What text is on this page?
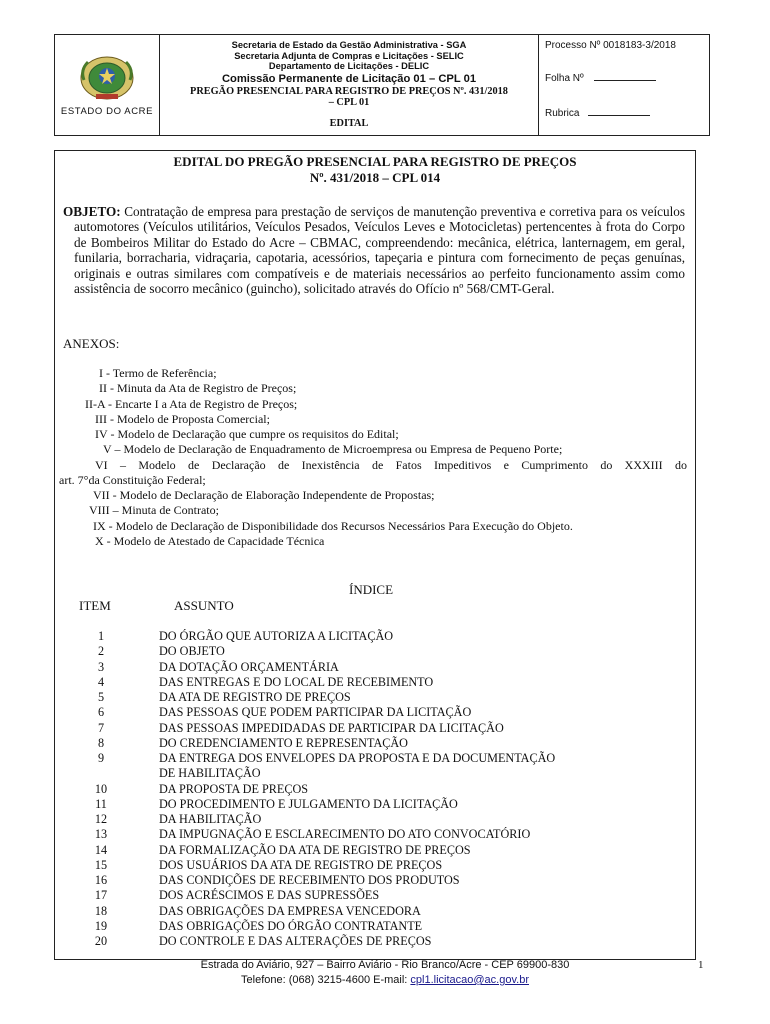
ESTADO DO ACRE
Secretaria de Estado da Gestão Administrativa - SGA
Secretaria Adjunta de Compras e Licitações - SELIC
Departamento de Licitações - DELIC
Comissão Permanente de Licitação 01 – CPL 01
PREGÃO PRESENCIAL PARA REGISTRO DE PREÇOS Nº. 431/2018
– CPL 01
EDITAL
Processo Nº 0018183-3/2018
Folha Nº
Rubrica
EDITAL DO PREGÃO PRESENCIAL PARA REGISTRO DE PREÇOS
Nº. 431/2018 – CPL 014
OBJETO: Contratação de empresa para prestação de serviços de manutenção preventiva e corretiva para os veículos automotores (Veículos utilitários, Veículos Pesados, Veículos Leves e Motocicletas) pertencentes à frota do Corpo de Bombeiros Militar do Estado do Acre – CBMAC, compreendendo: mecânica, elétrica, lanternagem, em geral, funilaria, borracharia, vidraçaria, capotaria, acessórios, tapeçaria e pintura com fornecimento de peças genuínas, originais e outras similares com compatíveis e de materiais necessários ao perfeito funcionamento assim como assistência de socorro mecânico (guincho), solicitado através do Ofício nº 568/CMT-Geral.
ANEXOS:
I - Termo de Referência;
II - Minuta da Ata de Registro de Preços;
II-A - Encarte I a Ata de Registro de Preços;
III - Modelo de Proposta Comercial;
IV - Modelo de Declaração que cumpre os requisitos do Edital;
V – Modelo de Declaração de Enquadramento de Microempresa ou Empresa de Pequeno Porte;
VI – Modelo de Declaração de Inexistência de Fatos Impeditivos e Cumprimento do XXXIII do
art. 7°da Constituição Federal;
VII - Modelo de Declaração de Elaboração Independente de Propostas;
VIII – Minuta de Contrato;
IX - Modelo de Declaração de Disponibilidade dos Recursos Necessários Para Execução do Objeto.
X - Modelo de Atestado de Capacidade Técnica
ÍNDICE
ITEM	ASSUNTO
1	DO ÓRGÃO QUE AUTORIZA A LICITAÇÃO
2	DO OBJETO
3	DA DOTAÇÃO ORÇAMENTÁRIA
4	DAS ENTREGAS E DO LOCAL DE RECEBIMENTO
5	DA ATA DE REGISTRO DE PREÇOS
6	DAS PESSOAS QUE PODEM PARTICIPAR DA LICITAÇÃO
7	DAS PESSOAS IMPEDIDADAS DE PARTICIPAR DA LICITAÇÃO
8	DO CREDENCIAMENTO E REPRESENTAÇÃO
9	DA ENTREGA DOS ENVELOPES DA PROPOSTA E DA DOCUMENTAÇÃO
DE HABILITAÇÃO
10	DA PROPOSTA DE PREÇOS
11	DO PROCEDIMENTO E JULGAMENTO DA LICITAÇÃO
12	DA HABILITAÇÃO
13	DA IMPUGNAÇÃO E ESCLARECIMENTO DO ATO CONVOCATÓRIO
14	DA FORMALIZAÇÃO DA ATA DE REGISTRO DE PREÇOS
15	DOS USUÁRIOS DA ATA DE REGISTRO DE PREÇOS
16	DAS CONDIÇÕES DE RECEBIMENTO DOS PRODUTOS
17	DOS ACRÉSCIMOS E DAS SUPRESSÕES
18	DAS OBRIGAÇÕES DA EMPRESA VENCEDORA
19	DAS OBRIGAÇÕES DO ÓRGÃO CONTRATANTE
20	DO CONTROLE E DAS ALTERAÇÕES DE PREÇOS
Estrada do Aviário, 927 – Bairro Aviário - Rio Branco/Acre - CEP 69900-830
Telefone: (068) 3215-4600 E-mail: cpl1.licitacao@ac.gov.br
1
